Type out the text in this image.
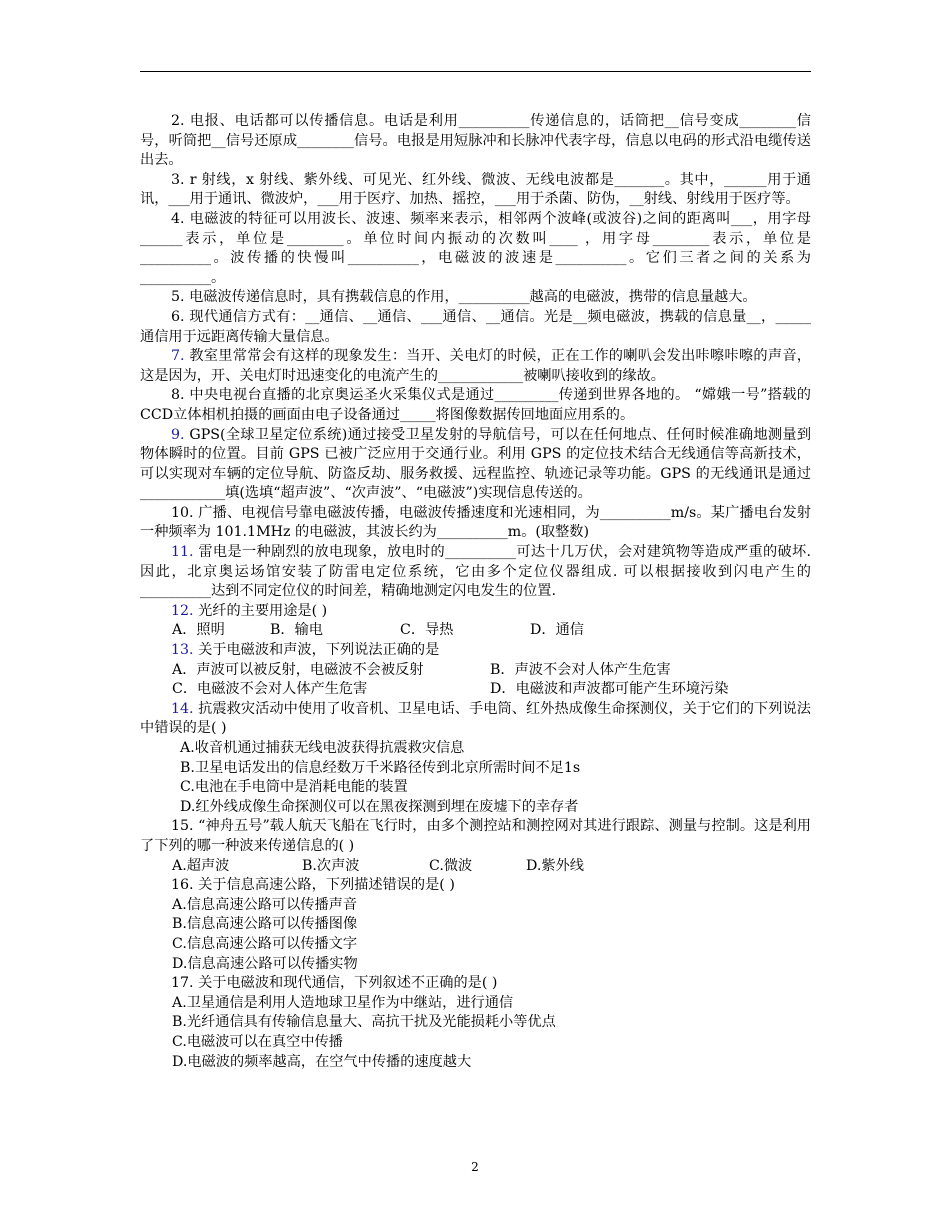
2. 电报、电话都可以传播信息。电话是利用__________传递信息的，话筒把__信号变成________信号，听筒把__信号还原成________信号。电报是用短脉冲和长脉冲代表字母，信息以电码的形式沿电缆传送出去。

3. r 射线，x 射线、紫外线、可见光、红外线、微波、无线电波都是_______。其中，______用于通讯，___用于通讯、微波炉，___用于医疗、加热、摇控，___用于杀菌、防伪，__射线、射线用于医疗等。

4. 电磁波的特征可以用波长、波速、频率来表示，相邻两个波峰(或波谷)之间的距离叫___，用字母______表示，单位是________。单位时间内振动的次数叫____ ，用字母________表示，单位是__________。波传播的快慢叫__________，电磁波的波速是__________。它们三者之间的关系为__________。

5. 电磁波传递信息时，具有携载信息的作用，__________越高的电磁波，携带的信息量越大。

6. 现代通信方式有：__通信、__通信、___通信、__通信。光是__频电磁波，携载的信息量__，_____通信用于远距离传输大量信息。

7. 教室里常常会有这样的现象发生：当开、关电灯的时候，正在工作的喇叭会发出咔嚓咔嚓的声音，这是因为，开、关电灯时迅速变化的电流产生的____________被喇叭接收到的缘故。

8. 中央电视台直播的北京奥运圣火采集仪式是通过_________传递到世界各地的。 “嫦娥一号”搭载的CCD立体相机拍摄的画面由电子设备通过_____将图像数据传回地面应用系的。

9. GPS(全球卫星定位系统)通过接受卫星发射的导航信号，可以在任何地点、任何时候准确地测量到物体瞬时的位置。目前 GPS 已被广泛应用于交通行业。利用 GPS 的定位技术结合无线通信等高新技术，可以实现对车辆的定位导航、防盗反劫、服务救援、远程监控、轨迹记录等功能。GPS 的无线通讯是通过____________填(选填“超声波”、“次声波”、“电磁波”)实现信息传送的。

10. 广播、电视信号靠电磁波传播，电磁波传播速度和光速相同，为__________m/s。某广播电台发射一种频率为 101.1MHz 的电磁波，其波长约为__________m。(取整数)

11. 雷电是一种剧烈的放电现象，放电时的__________可达十几万伏，会对建筑物等造成严重的破坏. 因此，北京奥运场馆安装了防雷电定位系统，它由多个定位仪器组成. 可以根据接收到闪电产生的__________达到不同定位仪的时间差，精确地测定闪电发生的位置.

12. 光纤的主要用途是( )

A．照明	B．输电	C．导热	D．通信

13. 关于电磁波和声波，下列说法正确的是

A．声波可以被反射，电磁波不会被反射	B．声波不会对人体产生危害

C．电磁波不会对人体产生危害	D．电磁波和声波都可能产生环境污染

14. 抗震救灾活动中使用了收音机、卫星电话、手电筒、红外热成像生命探测仪，关于它们的下列说法中错误的是( )

A.收音机通过捕获无线电波获得抗震救灾信息

B.卫星电话发出的信息经数万千米路径传到北京所需时间不足1s

C.电池在手电筒中是消耗电能的装置

D.红外线成像生命探测仪可以在黑夜探测到埋在废墟下的幸存者

15. “神舟五号”载人航天飞船在飞行时，由多个测控站和测控网对其进行跟踪、测量与控制。这是利用了下列的哪一种波来传递信息的( )

A.超声波	B.次声波	C.微波	D.紫外线

16. 关于信息高速公路，下列描述错误的是( )

A.信息高速公路可以传播声音

B.信息高速公路可以传播图像

C.信息高速公路可以传播文字

D.信息高速公路可以传播实物

17. 关于电磁波和现代通信，下列叙述不正确的是( )

A.卫星通信是利用人造地球卫星作为中继站，进行通信

B.光纤通信具有传输信息量大、高抗干扰及光能损耗小等优点

C.电磁波可以在真空中传播

D.电磁波的频率越高，在空气中传播的速度越大

2
